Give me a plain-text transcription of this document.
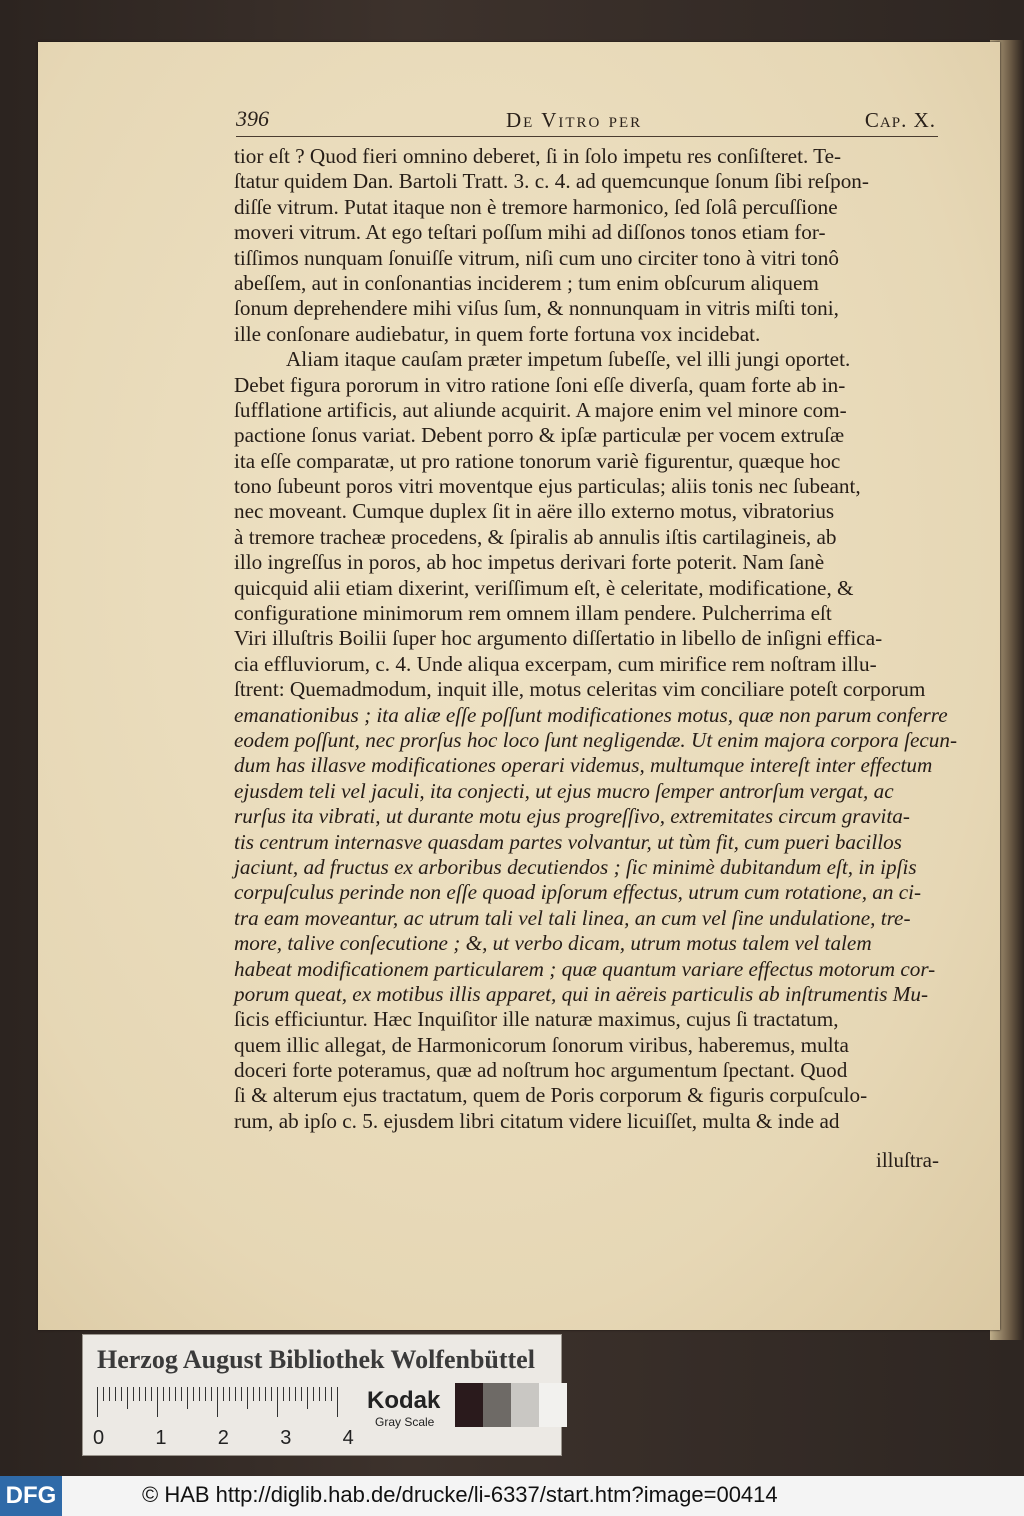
396	De Vitro per	Cap. X.
tior eſt ? Quod fieri omnino deberet, ſi in ſolo impetu res conſiſteret. Te-
ſtatur quidem Dan. Bartoli Tratt. 3. c. 4. ad quemcunque ſonum ſibi reſpon-
diſſe vitrum. Putat itaque non è tremore harmonico, ſed ſolâ percuſſione
moveri vitrum. At ego teſtari poſſum mihi ad diſſonos tonos etiam for-
tiſſimos nunquam ſonuiſſe vitrum, niſi cum uno circiter tono à vitri tonô
abeſſem, aut in conſonantias inciderem ; tum enim obſcurum aliquem
ſonum deprehendere mihi viſus ſum, & nonnunquam in vitris miſti toni,
ille conſonare audiebatur, in quem forte fortuna vox incidebat.
Aliam itaque cauſam præter impetum ſubeſſe, vel illi jungi oportet.
Debet figura pororum in vitro ratione ſoni eſſe diverſa, quam forte ab in-
ſufflatione artificis, aut aliunde acquirit. A majore enim vel minore com-
pactione ſonus variat. Debent porro & ipſæ particulæ per vocem extruſæ
ita eſſe comparatæ, ut pro ratione tonorum variè figurentur, quæque hoc
tono ſubeunt poros vitri moventque ejus particulas; aliis tonis nec ſubeant,
nec moveant. Cumque duplex ſit in aëre illo externo motus, vibratorius
à tremore tracheæ procedens, & ſpiralis ab annulis iſtis cartilagineis, ab
illo ingreſſus in poros, ab hoc impetus derivari forte poterit. Nam ſanè
quicquid alii etiam dixerint, veriſſimum eſt, è celeritate, modificatione, &
configuratione minimorum rem omnem illam pendere. Pulcherrima eſt
Viri illuſtris Boilii ſuper hoc argumento diſſertatio in libello de inſigni effica-
cia effluviorum, c. 4. Unde aliqua excerpam, cum mirifice rem noſtram illu-
ſtrent: Quemadmodum, inquit ille, motus celeritas vim conciliare poteſt corporum
emanationibus ; ita aliæ eſſe poſſunt modificationes motus, quæ non parum conferre
eodem poſſunt, nec prorſus hoc loco ſunt negligendæ. Ut enim majora corpora ſecun-
dum has illasve modificationes operari videmus, multumque intereſt inter effectum
ejusdem teli vel jaculi, ita conjecti, ut ejus mucro ſemper antrorſum vergat, ac
rurſus ita vibrati, ut durante motu ejus progreſſivo, extremitates circum gravita-
tis centrum internasve quasdam partes volvantur, ut tùm fit, cum pueri bacillos
jaciunt, ad fructus ex arboribus decutiendos ; ſic minimè dubitandum eſt, in ipſis
corpuſculus perinde non eſſe quoad ipſorum effectus, utrum cum rotatione, an ci-
tra eam moveantur, ac utrum tali vel tali linea, an cum vel ſine undulatione, tre-
more, talive conſecutione ; &, ut verbo dicam, utrum motus talem vel talem
habeat modificationem particularem ; quæ quantum variare effectus motorum cor-
porum queat, ex motibus illis apparet, qui in aëreis particulis ab inſtrumentis Mu-
ſicis efficiuntur. Hæc Inquiſitor ille naturæ maximus, cujus ſi tractatum,
quem illic allegat, de Harmonicorum ſonorum viribus, haberemus, multa
doceri forte poteramus, quæ ad noſtrum hoc argumentum ſpectant. Quod
ſi & alterum ejus tractatum, quem de Poris corporum & figuris corpuſculo-
rum, ab ipſo c. 5. ejusdem libri citatum videre licuiſſet, multa & inde ad
illuſtra-
Herzog August Bibliothek Wolfenbüttel
0	1	2	3	4
Kodak
Gray Scale
DFG	© HAB http://diglib.hab.de/drucke/li-6337/start.htm?image=00414
